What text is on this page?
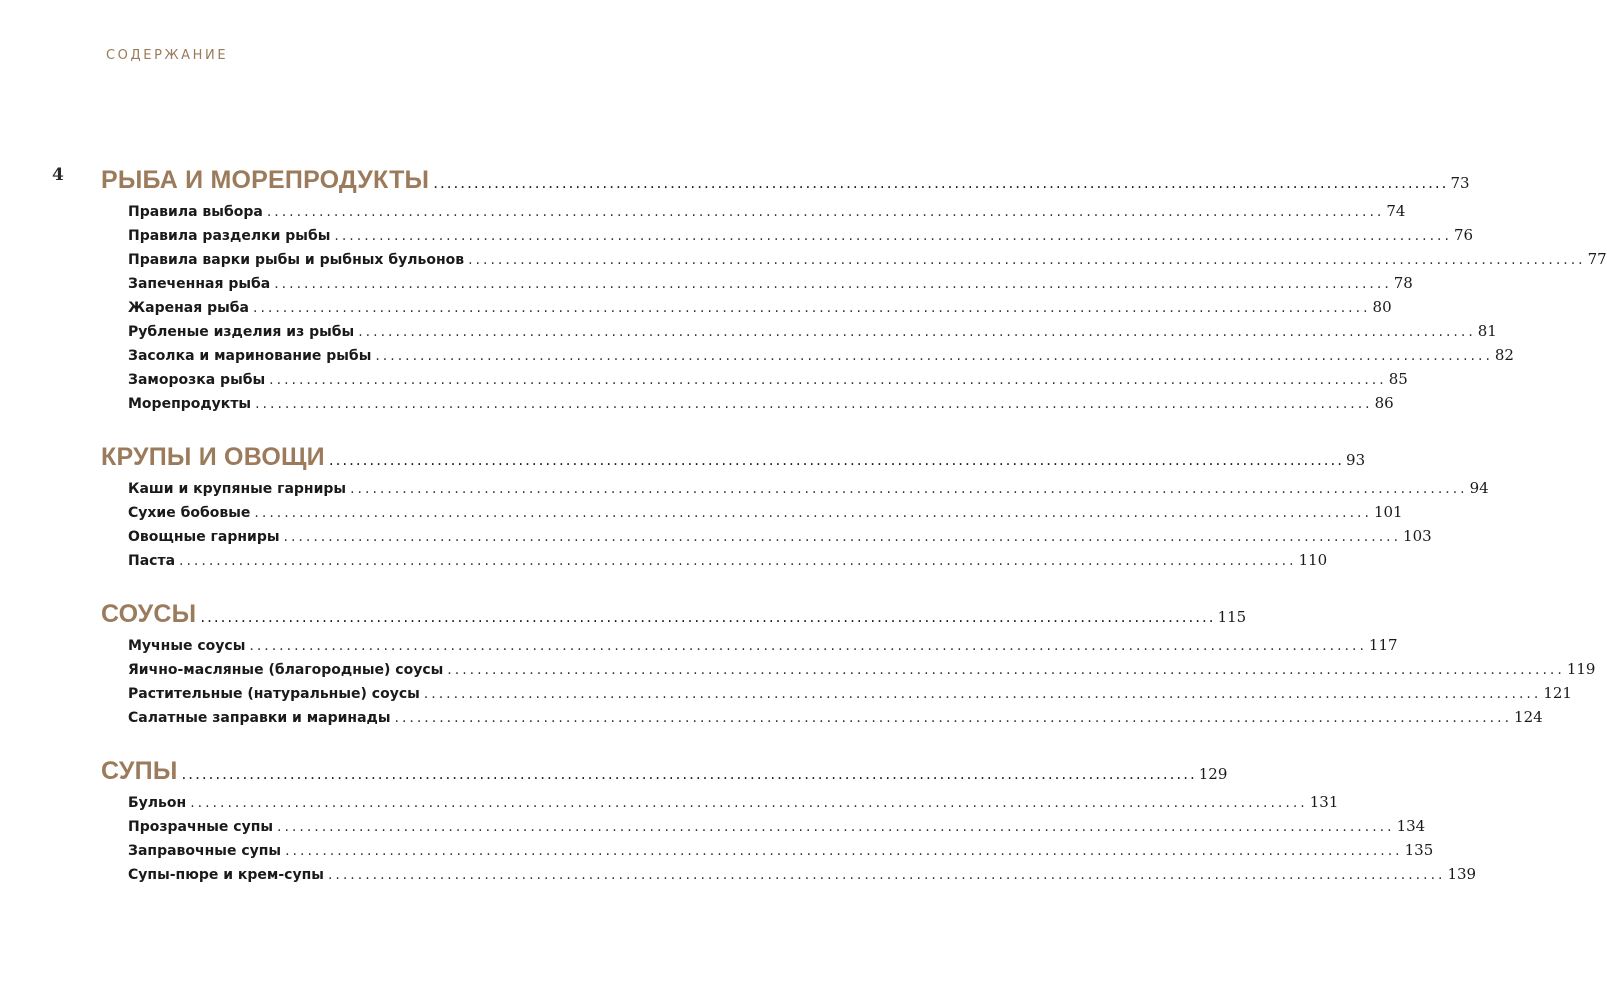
СОДЕРЖАНИЕ
4 РЫБА И МОРЕПРОДУКТЫ ...................................................................................................................................................... 73
Правила выбора ...................................................................................................................................................... 74
Правила разделки рыбы ...................................................................................................................................................... 76
Правила варки рыбы и рыбных бульонов ...................................................................................................................................................... 77
Запеченная рыба ...................................................................................................................................................... 78
Жареная рыба ...................................................................................................................................................... 80
Рубленые изделия из рыбы ...................................................................................................................................................... 81
Засолка и маринование рыбы ...................................................................................................................................................... 82
Заморозка рыбы ...................................................................................................................................................... 85
Морепродукты ...................................................................................................................................................... 86
КРУПЫ И ОВОЩИ ...................................................................................................................................................... 93
Каши и крупяные гарниры ...................................................................................................................................................... 94
Сухие бобовые ...................................................................................................................................................... 101
Овощные гарниры ...................................................................................................................................................... 103
Паста ...................................................................................................................................................... 110
СОУСЫ ...................................................................................................................................................... 115
Мучные соусы ...................................................................................................................................................... 117
Яично-масляные (благородные) соусы ...................................................................................................................................................... 119
Растительные (натуральные) соусы ...................................................................................................................................................... 121
Салатные заправки и маринады ...................................................................................................................................................... 124
СУПЫ ...................................................................................................................................................... 129
Бульон ...................................................................................................................................................... 131
Прозрачные супы ...................................................................................................................................................... 134
Заправочные супы ...................................................................................................................................................... 135
Супы-пюре и крем-супы ...................................................................................................................................................... 139
